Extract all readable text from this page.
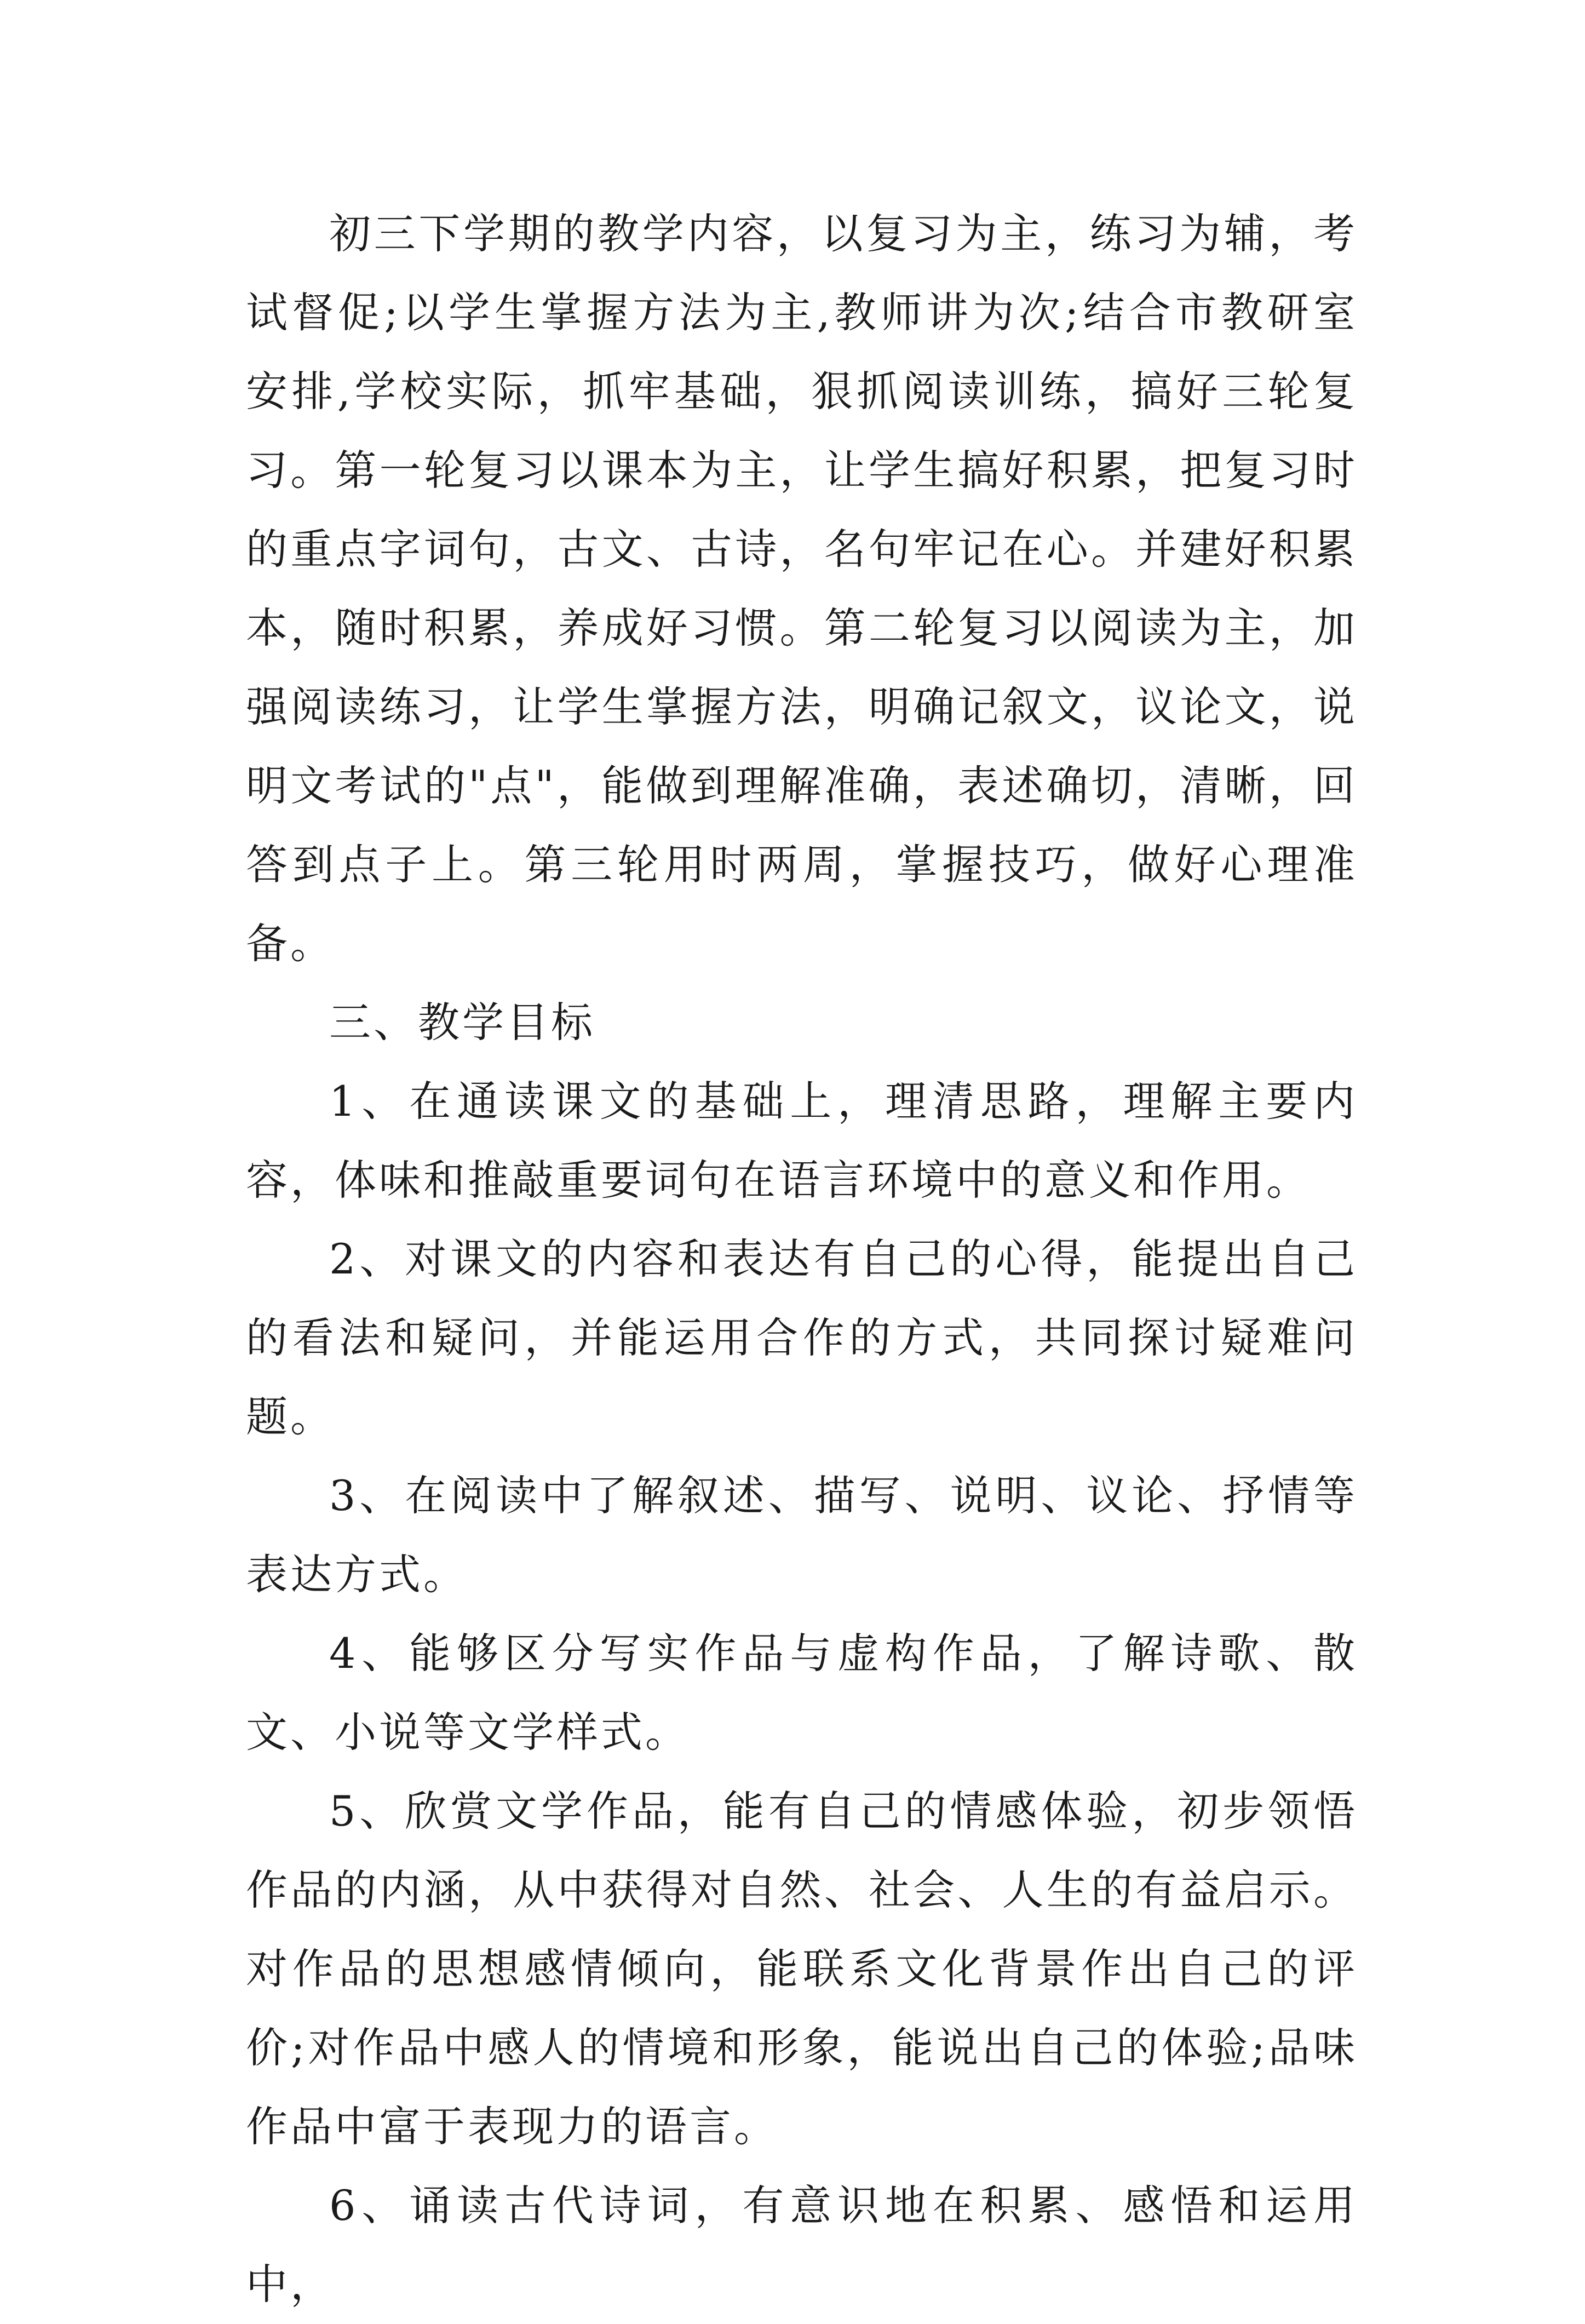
初三下学期的教学内容，以复习为主，练习为辅，考试督促;以学生掌握方法为主,教师讲为次;结合市教研室安排,学校实际，抓牢基础，狠抓阅读训练，搞好三轮复习。第一轮复习以课本为主，让学生搞好积累，把复习时的重点字词句，古文、古诗，名句牢记在心。并建好积累本，随时积累，养成好习惯。第二轮复习以阅读为主，加强阅读练习，让学生掌握方法，明确记叙文，议论文，说明文考试的"点"，能做到理解准确，表述确切，清晰，回答到点子上。第三轮用时两周，掌握技巧，做好心理准备。

三、教学目标

1、在通读课文的基础上，理清思路，理解主要内容，体味和推敲重要词句在语言环境中的意义和作用。

2、对课文的内容和表达有自己的心得，能提出自己的看法和疑问，并能运用合作的方式，共同探讨疑难问题。

3、在阅读中了解叙述、描写、说明、议论、抒情等表达方式。

4、能够区分写实作品与虚构作品，了解诗歌、散文、小说等文学样式。

5、欣赏文学作品，能有自己的情感体验，初步领悟作品的内涵，从中获得对自然、社会、人生的有益启示。对作品的思想感情倾向，能联系文化背景作出自己的评价;对作品中感人的情境和形象，能说出自己的体验;品味作品中富于表现力的语言。

6、诵读古代诗词，有意识地在积累、感悟和运用中，
